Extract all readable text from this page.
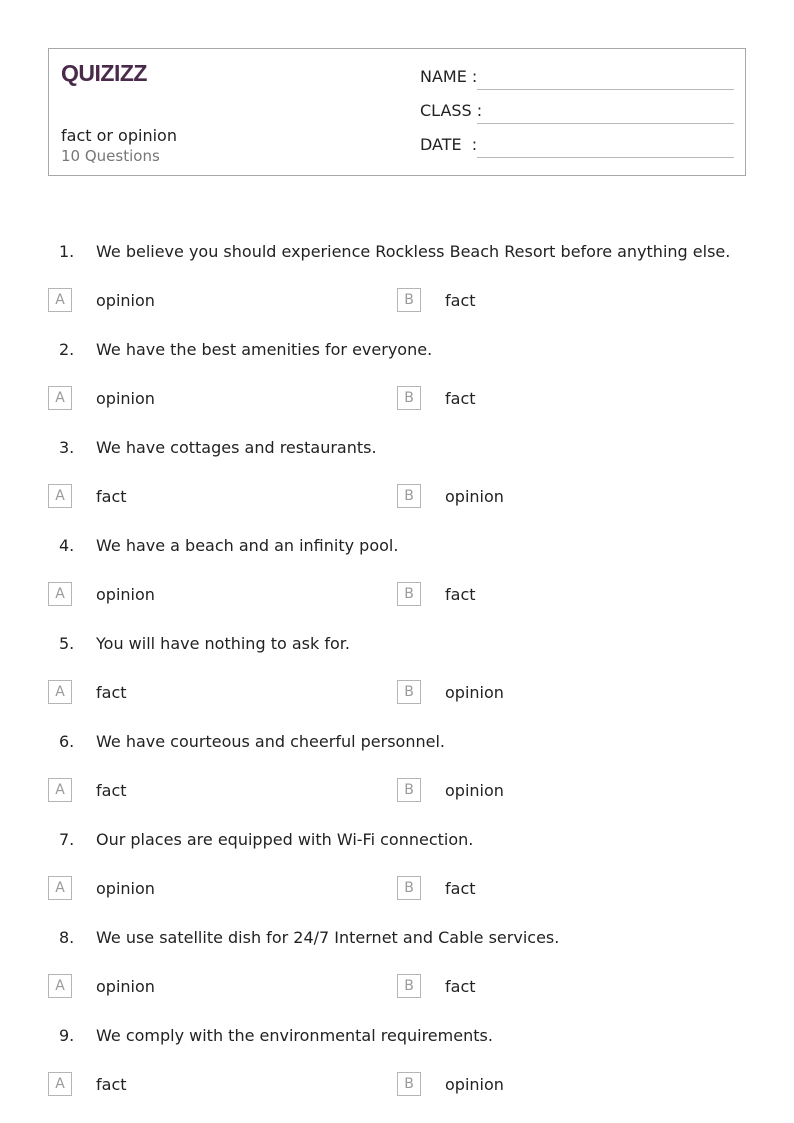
QUIZIZZ
fact or opinion
10 Questions
NAME :
CLASS :
DATE  :
1. We believe you should experience Rockless Beach Resort before anything else.
A	opinion	B	fact
2. We have the best amenities for everyone.
A	opinion	B	fact
3. We have cottages and restaurants.
A	fact	B	opinion
4. We have a beach and an infinity pool.
A	opinion	B	fact
5. You will have nothing to ask for.
A	fact	B	opinion
6. We have courteous and cheerful personnel.
A	fact	B	opinion
7. Our places are equipped with Wi-Fi connection.
A	opinion	B	fact
8. We use satellite dish for 24/7 Internet and Cable services.
A	opinion	B	fact
9. We comply with the environmental requirements.
A	fact	B	opinion
